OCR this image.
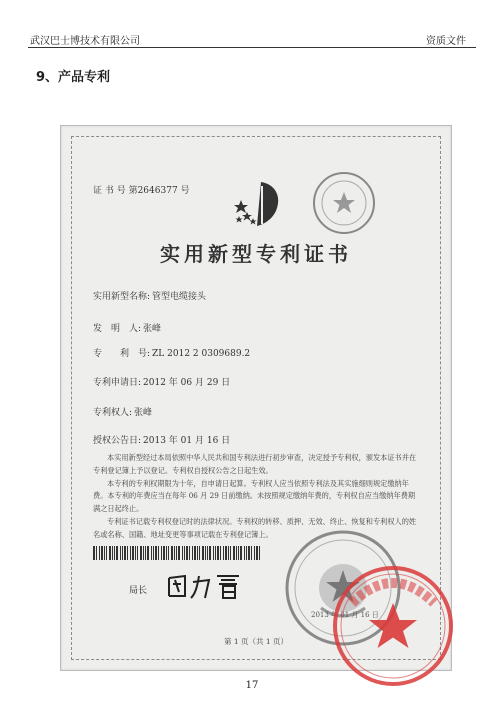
武汉巴士博技术有限公司	资质文件
9、产品专利
证 书 号 第2646377 号
实用新型专利证书
实用新型名称: 管型电缆接头
发　明　人: 张峰
专　　利　号: ZL 2012 2 0309689.2
专利申请日: 2012 年 06 月 29 日
专利权人: 张峰
授权公告日: 2013 年 01 月 16 日

本实用新型经过本局依照中华人民共和国专利法进行初步审查，决定授予专利权，颁发本证书并在专利登记簿上予以登记。专利权自授权公告之日起生效。

本专利的专利权期限为十年，自申请日起算。专利权人应当依照专利法及其实施细则规定缴纳年费。本专利的年费应当在每年 06 月 29 日前缴纳。未按照规定缴纳年费的，专利权自应当缴纳年费期满之日起终止。

专利证书记载专利权登记时的法律状况。专利权的转移、质押、无效、终止、恢复和专利权人的姓名或名称、国籍、地址变更等事项记载在专利登记簿上。

局长
2013 年 01 月 16 日
第 1 页（共 1 页）
17
